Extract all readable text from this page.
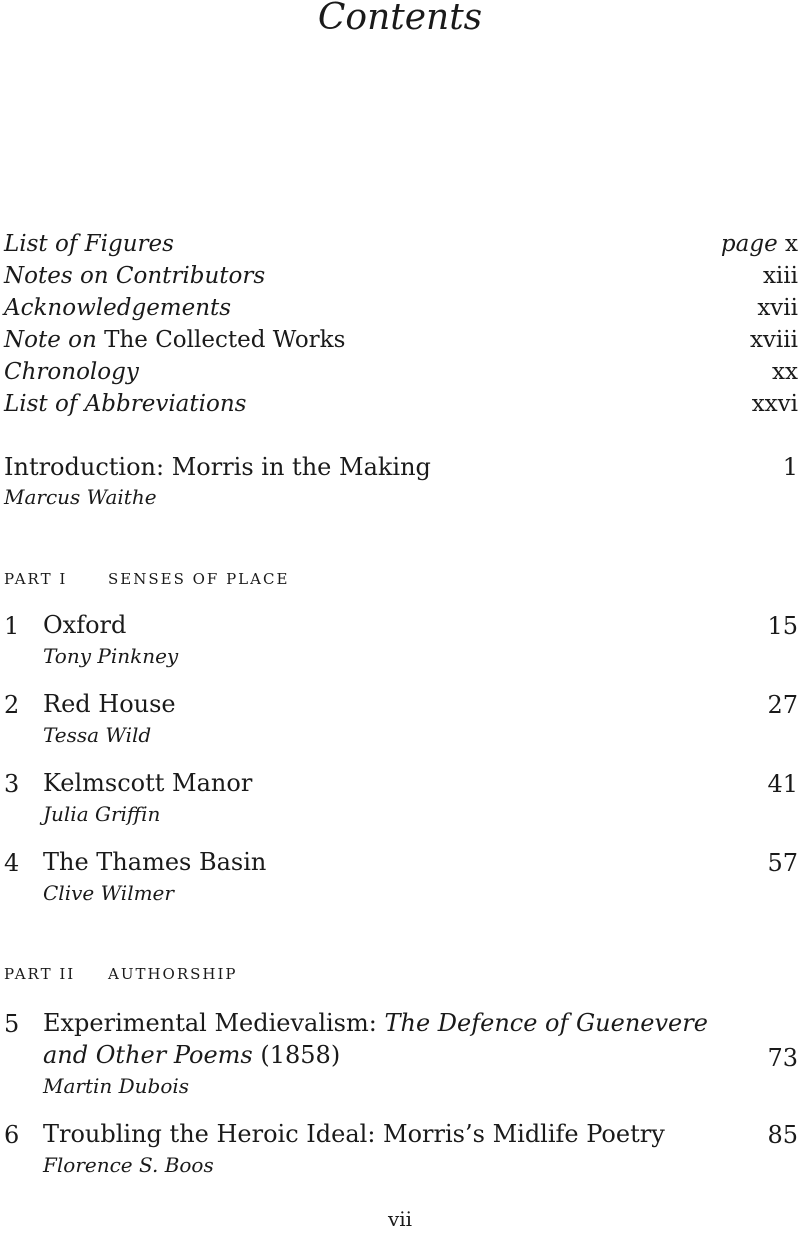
Contents
List of Figures	page x
Notes on Contributors	xiii
Acknowledgements	xvii
Note on The Collected Works	xviii
Chronology	xx
List of Abbreviations	xxvi
Introduction: Morris in the Making	1
Marcus Waithe
PART I	SENSES OF PLACE
1 Oxford	15
Tony Pinkney
2 Red House	27
Tessa Wild
3 Kelmscott Manor	41
Julia Griffin
4 The Thames Basin	57
Clive Wilmer
PART II AUTHORSHIP
5 Experimental Medievalism: The Defence of Guenevere
and Other Poems (1858)	73
Martin Dubois
6 Troubling the Heroic Ideal: Morris’s Midlife Poetry	85
Florence S. Boos
vii
